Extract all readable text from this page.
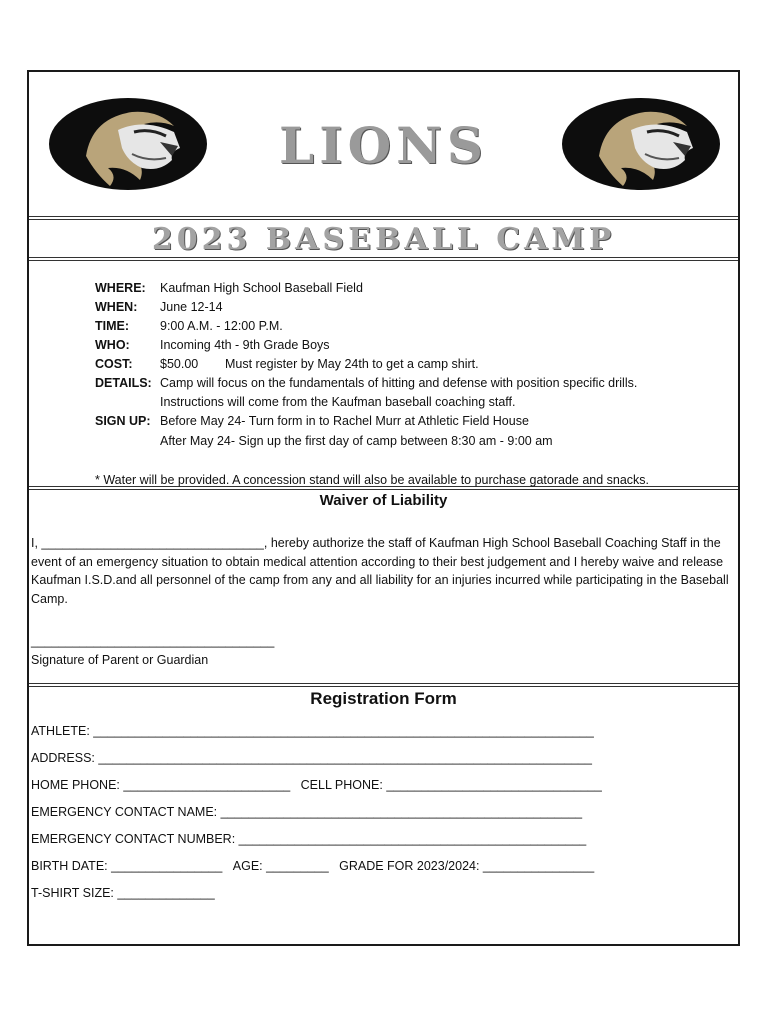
LIONS
2023 BASEBALL CAMP
WHERE: Kaufman High School Baseball Field
WHEN: June 12-14
TIME: 9:00 A.M. - 12:00 P.M.
WHO: Incoming 4th - 9th Grade Boys
COST: $50.00 Must register by May 24th to get a camp shirt.
DETAILS: Camp will focus on the fundamentals of hitting and defense with position specific drills.
Instructions will come from the Kaufman baseball coaching staff.
SIGN UP: Before May 24- Turn form in to Rachel Murr at Athletic Field House
After May 24- Sign up the first day of camp between 8:30 am - 9:00 am
* Water will be provided. A concession stand will also be available to purchase gatorade and snacks.
Waiver of Liability
I, ________________________________, hereby authorize the staff of Kaufman High School Baseball Coaching Staff in the event of an emergency situation to obtain medical attention according to their best judgement and I hereby waive and release Kaufman I.S.D.and all personnel of the camp from any and all liability for an injuries incurred while participating in the Baseball Camp.
___________________________________
Signature of Parent or Guardian
Registration Form
ATHLETE: ________________________________________________________________________
ADDRESS: _______________________________________________________________________
HOME PHONE: ________________________ CELL PHONE: _______________________________
EMERGENCY CONTACT NAME: ____________________________________________________
EMERGENCY CONTACT NUMBER: __________________________________________________
BIRTH DATE: ________________ AGE: _________ GRADE FOR 2023/2024: ________________
T-SHIRT SIZE: ______________
